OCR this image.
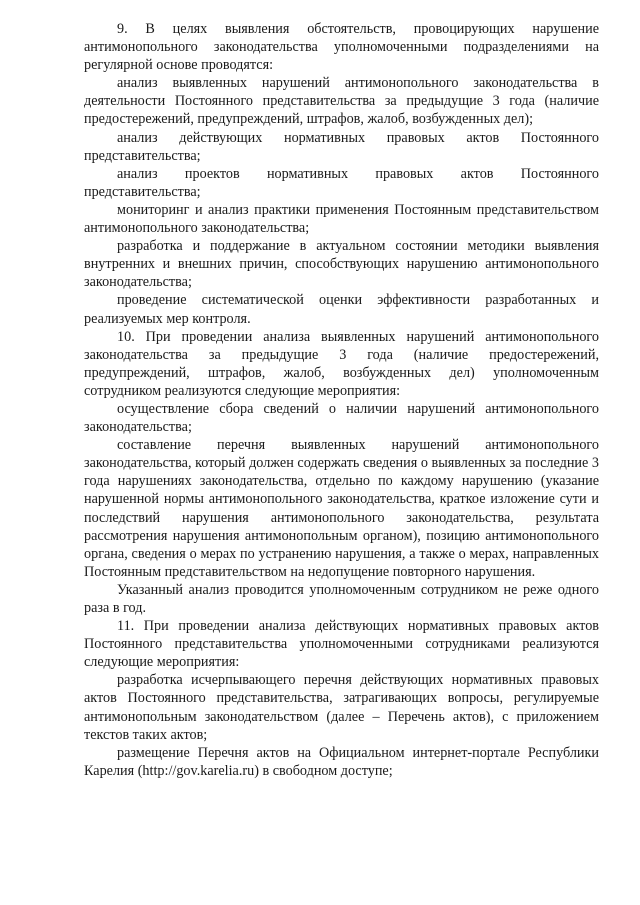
9. В целях выявления обстоятельств, провоцирующих нарушение антимонопольного законодательства уполномоченными подразделениями на регулярной основе проводятся:

анализ выявленных нарушений антимонопольного законодательства в деятельности Постоянного представительства за предыдущие 3 года (наличие предостережений, предупреждений, штрафов, жалоб, возбужденных дел);

анализ действующих нормативных правовых актов Постоянного представительства;

анализ проектов нормативных правовых актов Постоянного представительства;

мониторинг и анализ практики применения Постоянным представительством антимонопольного законодательства;

разработка и поддержание в актуальном состоянии методики выявления внутренних и внешних причин, способствующих нарушению антимонопольного законодательства;

проведение систематической оценки эффективности разработанных и реализуемых мер контроля.

10. При проведении анализа выявленных нарушений антимонопольного законодательства за предыдущие 3 года (наличие предостережений, предупреждений, штрафов, жалоб, возбужденных дел) уполномоченным сотрудником реализуются следующие мероприятия:

осуществление сбора сведений о наличии нарушений антимонопольного законодательства;

составление перечня выявленных нарушений антимонопольного законодательства, который должен содержать сведения о выявленных за последние 3 года нарушениях законодательства, отдельно по каждому нарушению (указание нарушенной нормы антимонопольного законодательства, краткое изложение сути и последствий нарушения антимонопольного законодательства, результата рассмотрения нарушения антимонопольным органом), позицию антимонопольного органа, сведения о мерах по устранению нарушения, а также о мерах, направленных Постоянным представительством на недопущение повторного нарушения.

Указанный анализ проводится уполномоченным сотрудником не реже одного раза в год.

11. При проведении анализа действующих нормативных правовых актов Постоянного представительства уполномоченными сотрудниками реализуются следующие мероприятия:

разработка исчерпывающего перечня действующих нормативных правовых актов Постоянного представительства, затрагивающих вопросы, регулируемые антимонопольным законодательством (далее – Перечень актов), с приложением текстов таких актов;

размещение Перечня актов на Официальном интернет-портале Республики Карелия (http://gov.karelia.ru) в свободном доступе;
